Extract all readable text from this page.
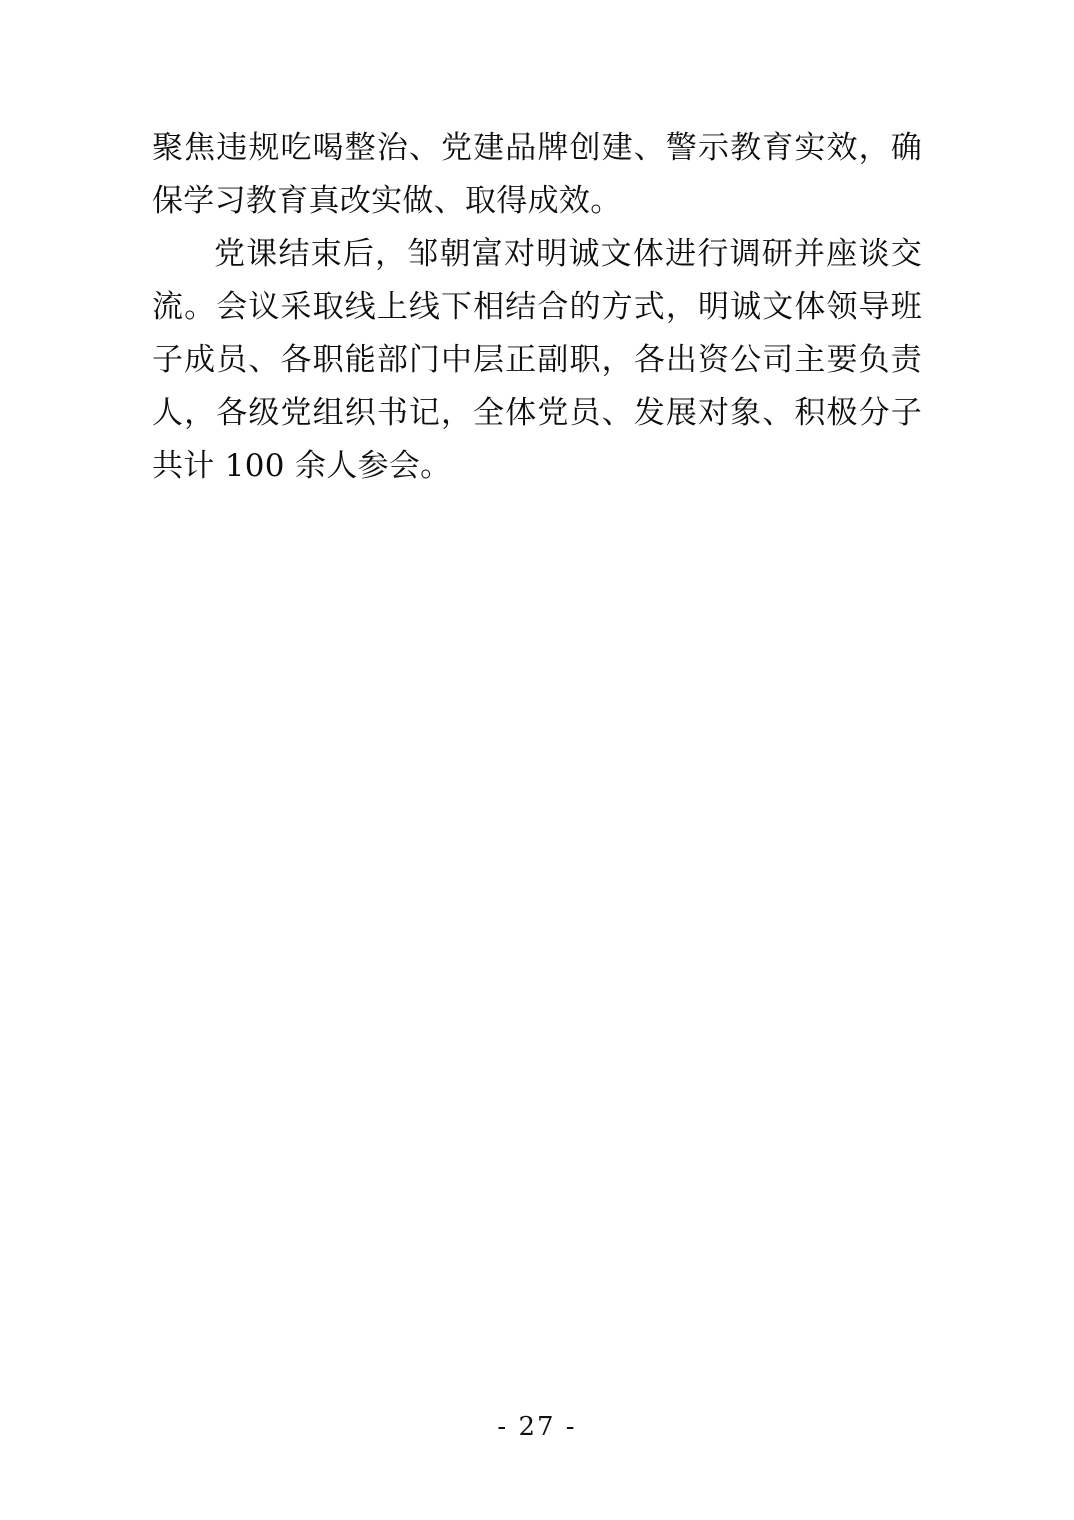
聚焦违规吃喝整治、党建品牌创建、警示教育实效，确保学习教育真改实做、取得成效。

党课结束后，邹朝富对明诚文体进行调研并座谈交流。会议采取线上线下相结合的方式，明诚文体领导班子成员、各职能部门中层正副职，各出资公司主要负责人，各级党组织书记，全体党员、发展对象、积极分子共计 100 余人参会。

- 27 -
